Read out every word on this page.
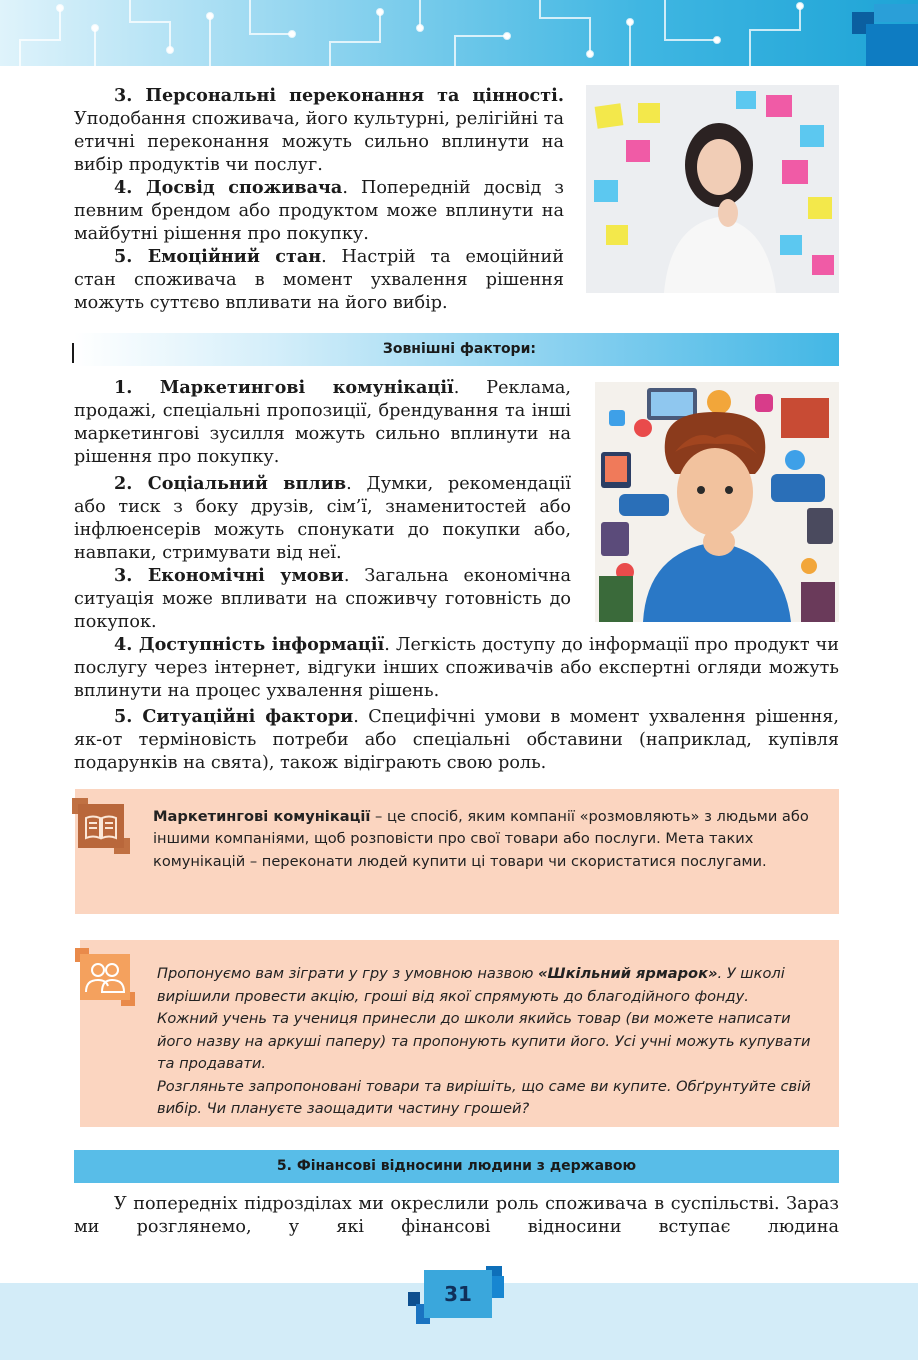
3. Персональні переконання та цінності. Уподобання споживача, його культурні, релігійні та етичні переконання можуть сильно вплинути на вибір продуктів чи послуг.

4. Досвід споживача. Попередній досвід з певним брендом або продуктом може вплинути на майбутні рішення про покупку.

5. Емоційний стан. Настрій та емоційний стан споживача в момент ухвалення рішення можуть суттєво впливати на його вибір.

Зовнішні фактори:

1. Маркетингові комунікації. Реклама, продажі, спеціальні пропозиції, брендування та інші маркетингові зусилля можуть сильно вплинути на рішення про покупку.

2. Соціальний вплив. Думки, рекомендації або тиск з боку друзів, сім’ї, знаменитостей або інфлюенсерів можуть спонукати до покупки або, навпаки, стримувати від неї.

3. Економічні умови. Загальна економічна ситуація може впливати на споживчу готовність до покупок.

4. Доступність інформації. Легкість доступу до інформації про продукт чи послугу через інтернет, відгуки інших споживачів або експертні огляди можуть вплинути на процес ухвалення рішень.

5. Ситуаційні фактори. Специфічні умови в момент ухвалення рішення, як-от терміновість потреби або спеціальні обставини (наприклад, купівля подарунків на свята), також відіграють свою роль.

Маркетингові комунікації – це спосіб, яким компанії «розмовляють» з людьми або іншими компаніями, щоб розповісти про свої товари або послуги. Мета таких комунікацій – переконати людей купити ці товари чи скористатися послугами.
Пропонуємо вам зіграти у гру з умовною назвою «Шкільний ярмарок». У школі вирішили провести акцію, гроші від якої спрямують до благодійного фонду. Кожний учень та учениця принесли до школи якийсь товар (ви можете написати його назву на аркуші паперу) та пропонують купити його. Усі учні можуть купувати та продавати.
Розгляньте запропоновані товари та вирішіть, що саме ви купите. Обґрунтуйте свій вибір. Чи плануєте заощадити частину грошей?
5. Фінансові відносини людини з державою

У попередніх підрозділах ми окреслили роль споживача в суспільстві. Зараз ми розглянемо, у які фінансові відносини вступає людина

31
